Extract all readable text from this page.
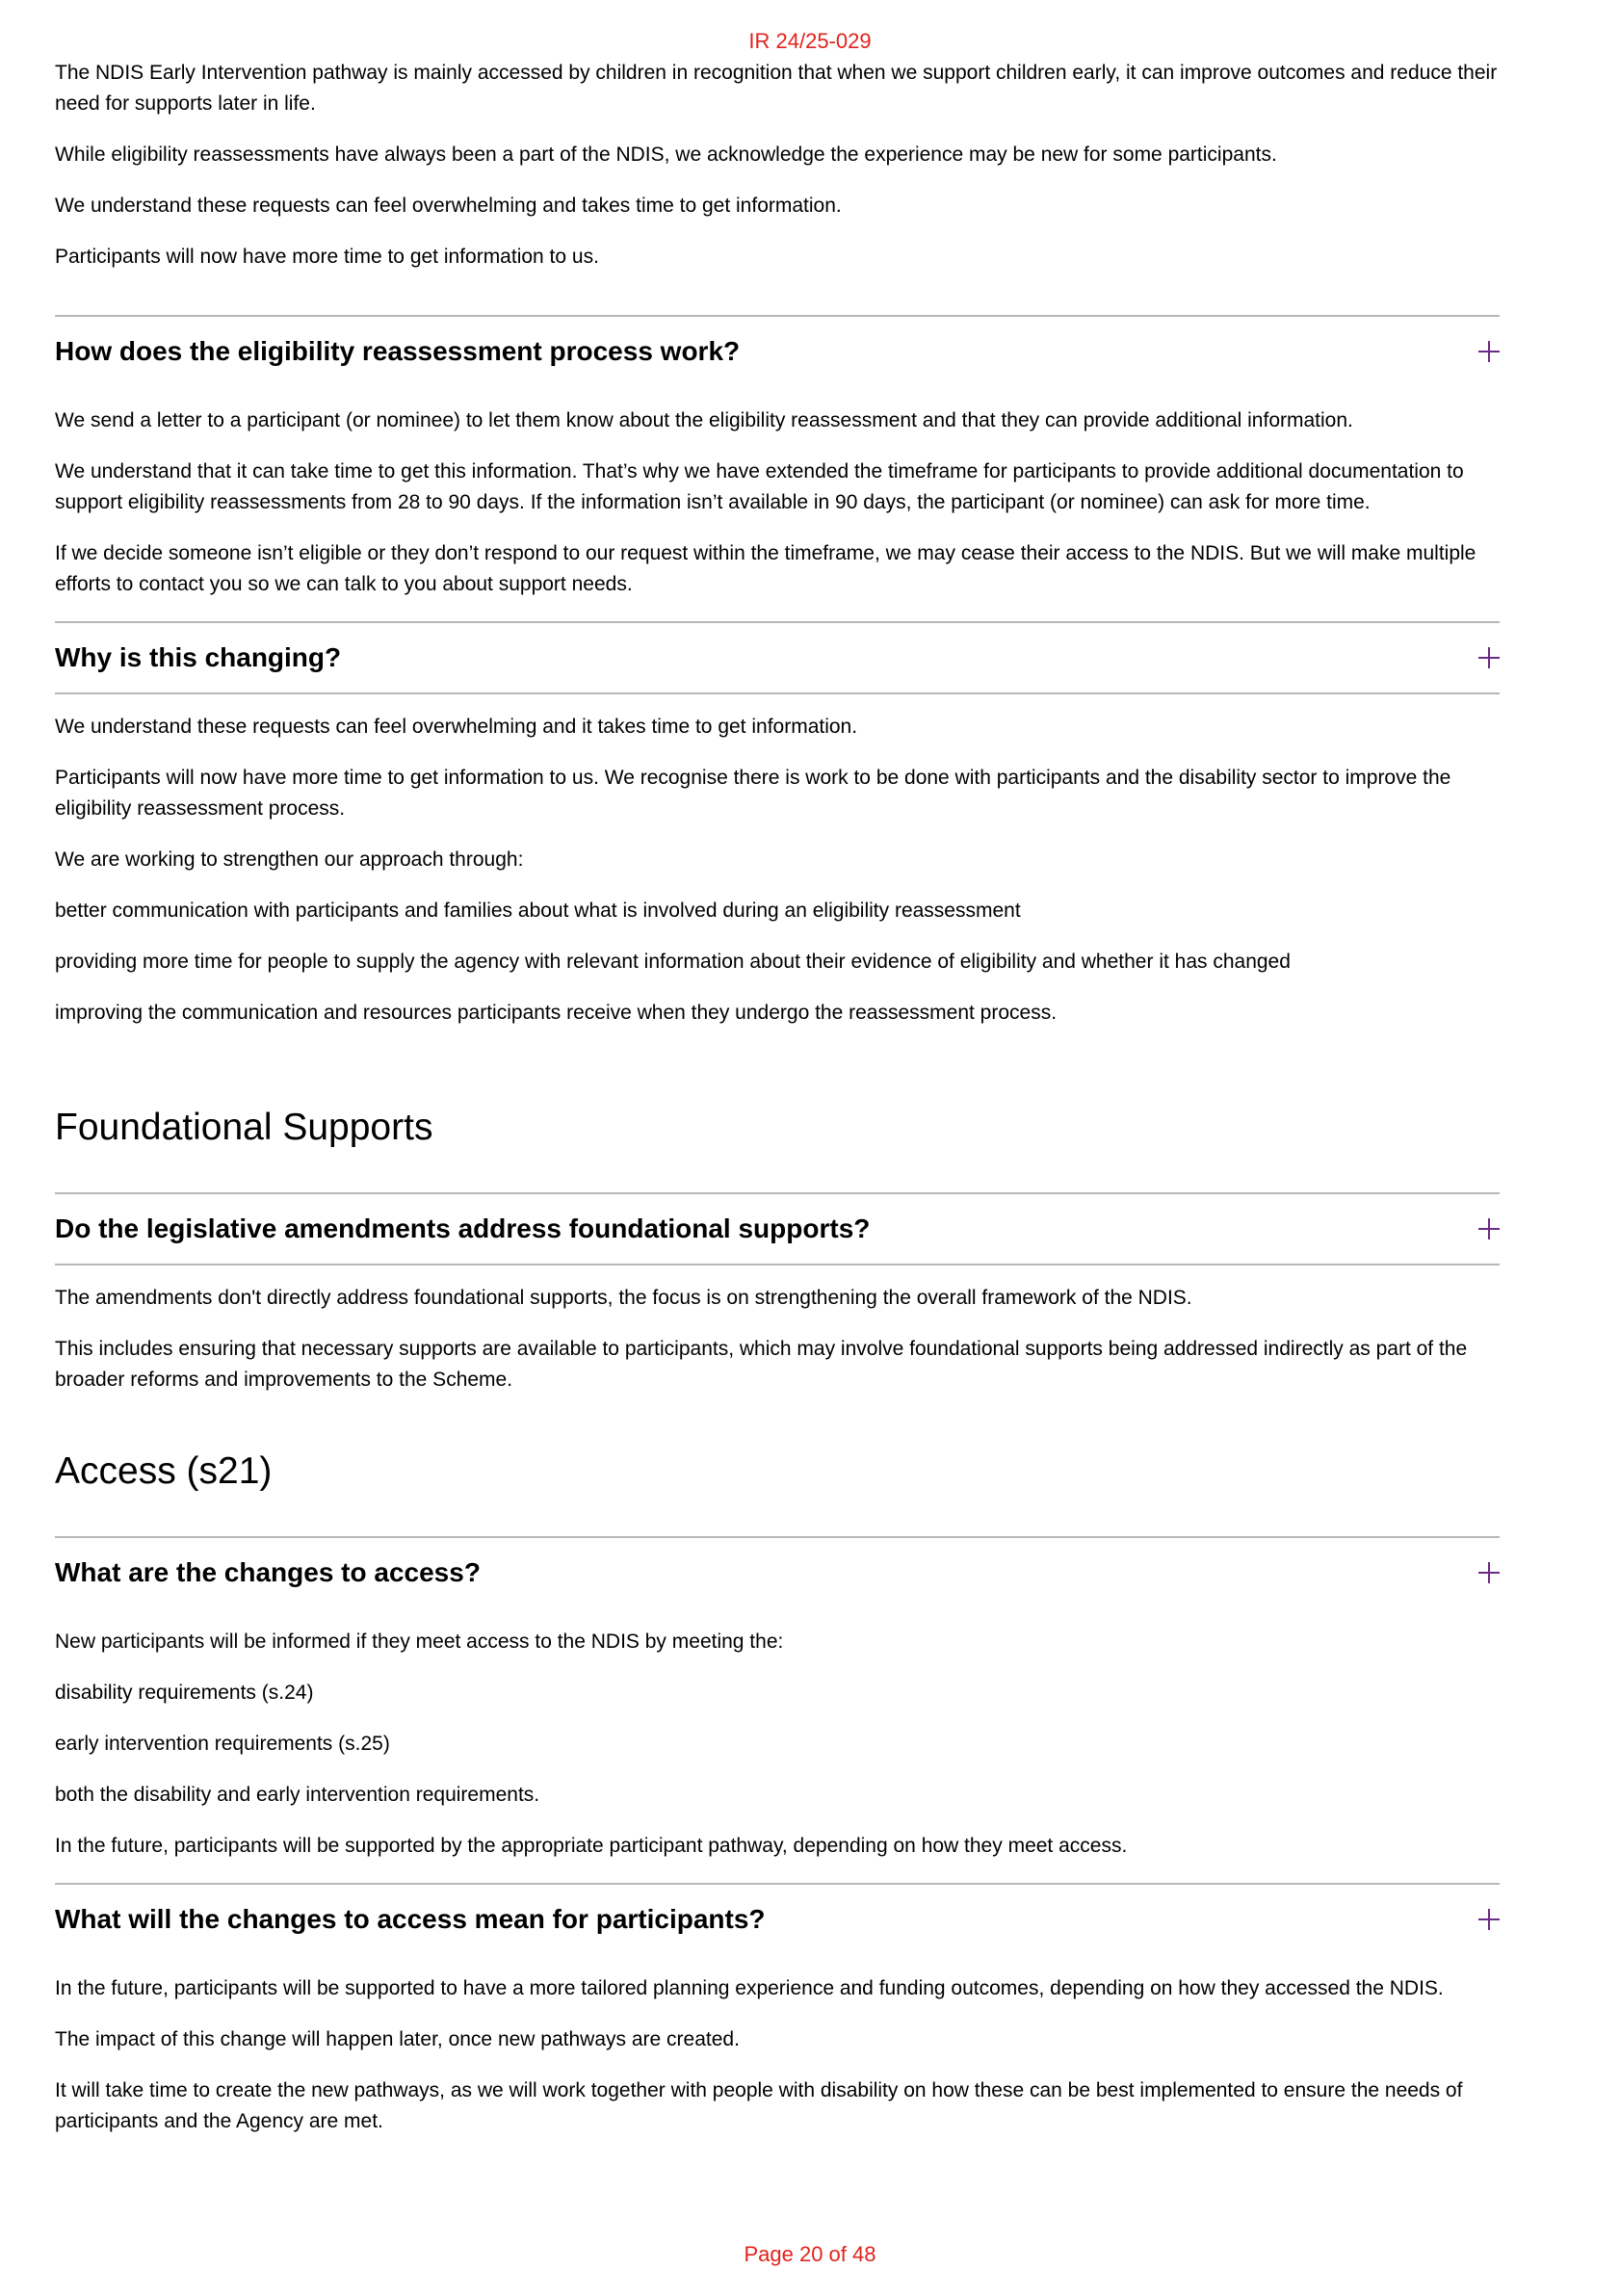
IR 24/25-029

The NDIS Early Intervention pathway is mainly accessed by children in recognition that when we support children early, it can improve outcomes and reduce their need for supports later in life.

While eligibility reassessments have always been a part of the NDIS, we acknowledge the experience may be new for some participants.

We understand these requests can feel overwhelming and takes time to get information.

Participants will now have more time to get information to us.

How does the eligibility reassessment process work?

We send a letter to a participant (or nominee) to let them know about the eligibility reassessment and that they can provide additional information.

We understand that it can take time to get this information. That’s why we have extended the timeframe for participants to provide additional documentation to support eligibility reassessments from 28 to 90 days. If the information isn’t available in 90 days, the participant (or nominee) can ask for more time.

If we decide someone isn’t eligible or they don’t respond to our request within the timeframe, we may cease their access to the NDIS. But we will make multiple efforts to contact you so we can talk to you about support needs.

Why is this changing?

We understand these requests can feel overwhelming and it takes time to get information.

Participants will now have more time to get information to us. We recognise there is work to be done with participants and the disability sector to improve the eligibility reassessment process.

We are working to strengthen our approach through:

better communication with participants and families about what is involved during an eligibility reassessment

providing more time for people to supply the agency with relevant information about their evidence of eligibility and whether it has changed

improving the communication and resources participants receive when they undergo the reassessment process.

Foundational Supports
Do the legislative amendments address foundational supports?

The amendments don't directly address foundational supports, the focus is on strengthening the overall framework of the NDIS.

This includes ensuring that necessary supports are available to participants, which may involve foundational supports being addressed indirectly as part of the broader reforms and improvements to the Scheme.

Access (s21)
What are the changes to access?

New participants will be informed if they meet access to the NDIS by meeting the:

disability requirements (s.24)

early intervention requirements (s.25)

both the disability and early intervention requirements.

In the future, participants will be supported by the appropriate participant pathway, depending on how they meet access.

What will the changes to access mean for participants?

In the future, participants will be supported to have a more tailored planning experience and funding outcomes, depending on how they accessed the NDIS.

The impact of this change will happen later, once new pathways are created.

It will take time to create the new pathways, as we will work together with people with disability on how these can be best implemented to ensure the needs of participants and the Agency are met.

Page 20 of 48
